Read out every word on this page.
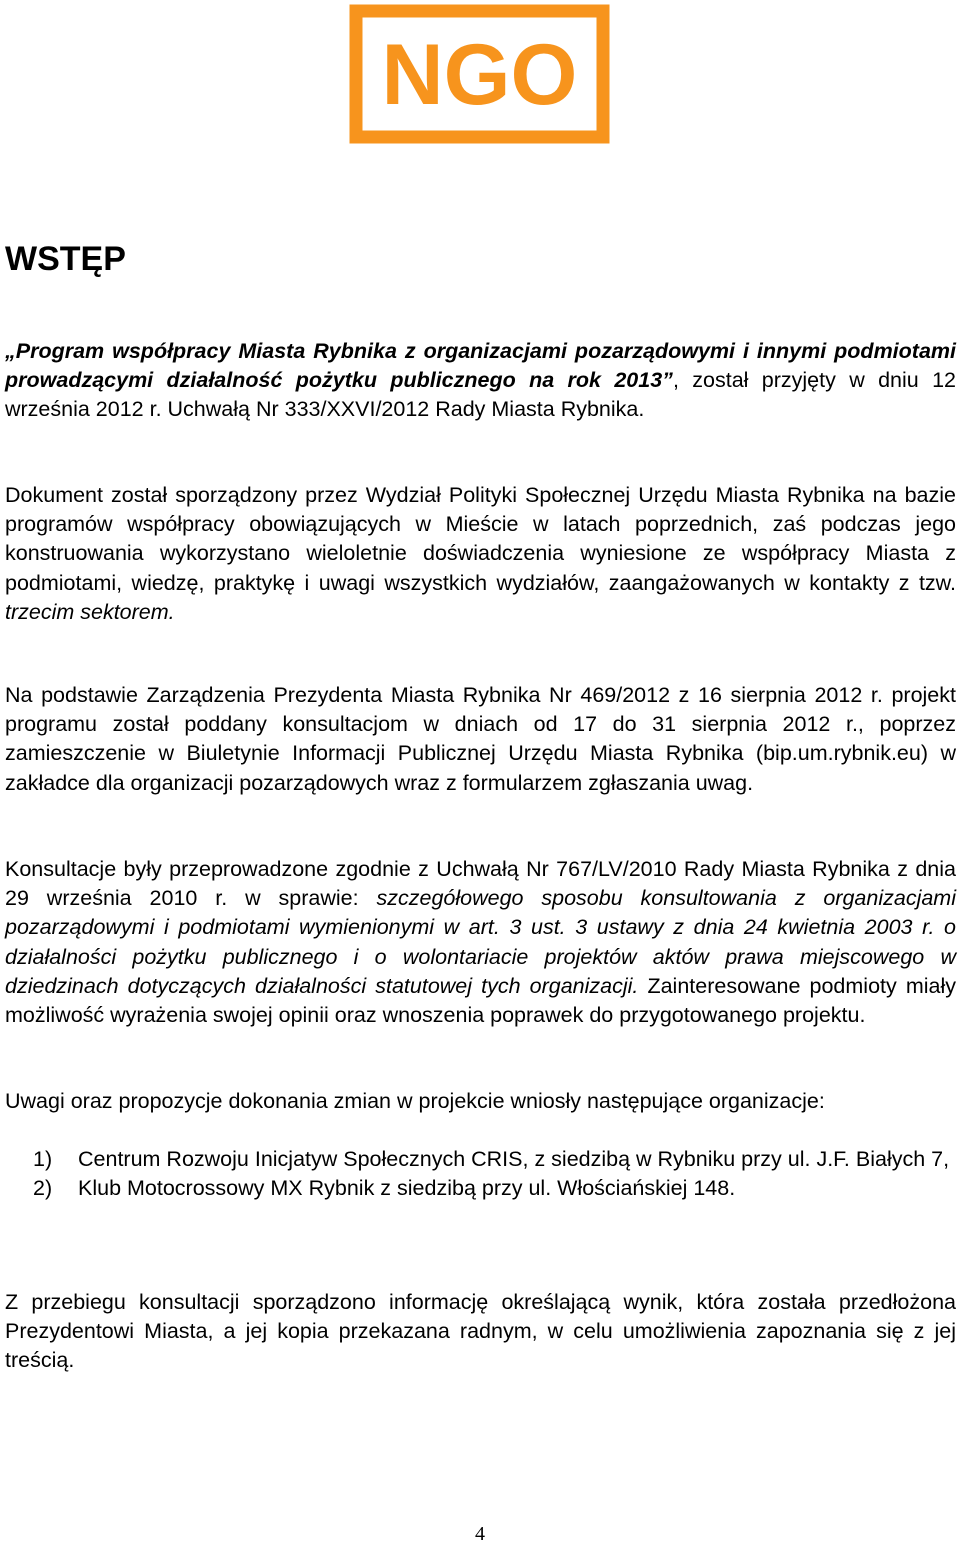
NGO
WSTĘP

„Program współpracy Miasta Rybnika z organizacjami pozarządowymi i innymi podmiotami prowadzącymi działalność pożytku publicznego na rok 2013”, został przyjęty w dniu 12 września 2012 r. Uchwałą Nr 333/XXVI/2012 Rady Miasta Rybnika.

Dokument został sporządzony przez Wydział Polityki Społecznej Urzędu Miasta Rybnika na bazie programów współpracy obowiązujących w Mieście w latach poprzednich, zaś podczas jego konstruowania wykorzystano wieloletnie doświadczenia wyniesione ze współpracy Miasta z podmiotami, wiedzę, praktykę i uwagi wszystkich wydziałów, zaangażowanych w kontakty z tzw. trzecim sektorem.

Na podstawie Zarządzenia Prezydenta Miasta Rybnika Nr 469/2012 z 16 sierpnia 2012 r. projekt programu został poddany konsultacjom w dniach od 17 do 31 sierpnia 2012 r., poprzez zamieszczenie w Biuletynie Informacji Publicznej Urzędu Miasta Rybnika (bip.um.rybnik.eu) w zakładce dla organizacji pozarządowych wraz z formularzem zgłaszania uwag.

Konsultacje były przeprowadzone zgodnie z Uchwałą Nr 767/LV/2010 Rady Miasta Rybnika z dnia 29 września 2010 r. w sprawie: szczegółowego sposobu konsultowania z organizacjami pozarządowymi i podmiotami wymienionymi w art. 3 ust. 3 ustawy z dnia 24 kwietnia 2003 r. o działalności pożytku publicznego i o wolontariacie projektów aktów prawa miejscowego w dziedzinach dotyczących działalności statutowej tych organizacji. Zainteresowane podmioty miały możliwość wyrażenia swojej opinii oraz wnoszenia poprawek do przygotowanego projektu.

Uwagi oraz propozycje dokonania zmian w projekcie wniosły następujące organizacje:

1) Centrum Rozwoju Inicjatyw Społecznych CRIS, z siedzibą w Rybniku przy ul. J.F. Białych 7,
2) Klub Motocrossowy MX Rybnik z siedzibą przy ul. Włościańskiej 148.

Z przebiegu konsultacji sporządzono informację określającą wynik, która została przedłożona Prezydentowi Miasta, a jej kopia przekazana radnym, w celu umożliwienia zapoznania się z jej treścią.

4
